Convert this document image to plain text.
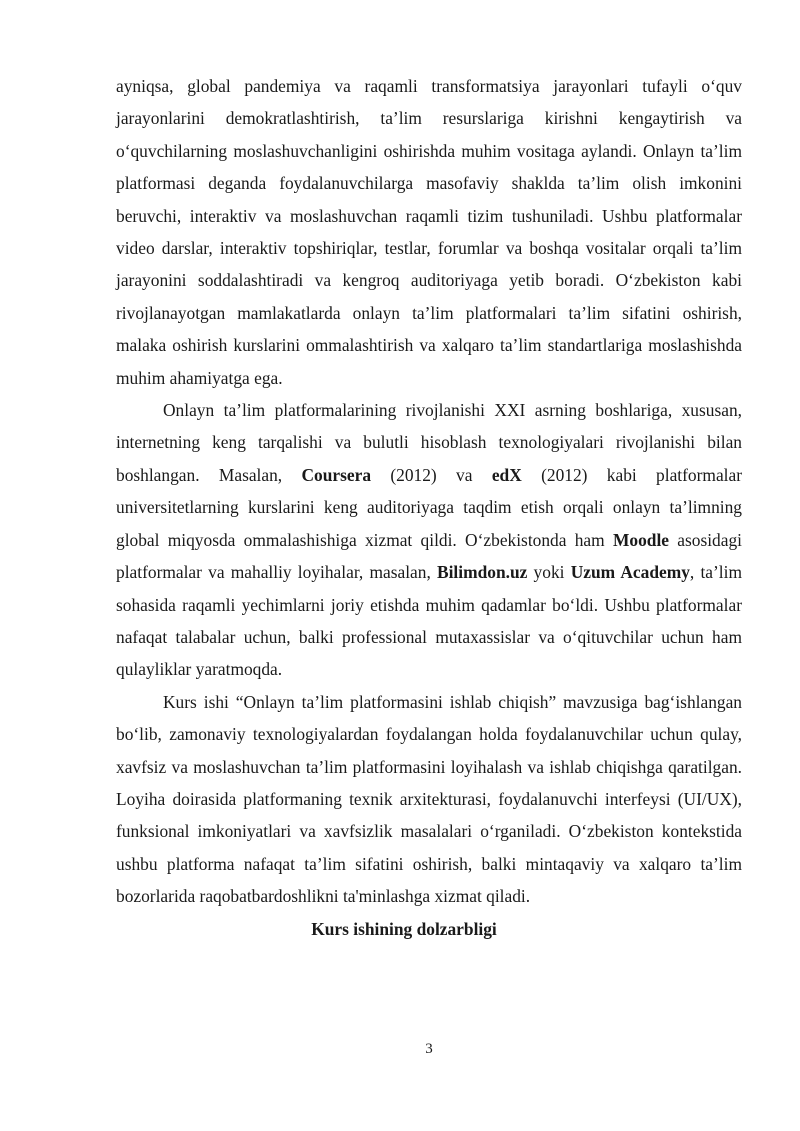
ayniqsa, global pandemiya va raqamli transformatsiya jarayonlari tufayli o‘quv jarayonlarini demokratlashtirish, ta’lim resurslariga kirishni kengaytirish va o‘quvchilarning moslashuvchanligini oshirishda muhim vositaga aylandi. Onlayn ta’lim platformasi deganda foydalanuvchilarga masofaviy shaklda ta’lim olish imkonini beruvchi, interaktiv va moslashuvchan raqamli tizim tushuniladi. Ushbu platformalar video darslar, interaktiv topshiriqlar, testlar, forumlar va boshqa vositalar orqali ta’lim jarayonini soddalashtiradi va kengroq auditoriyaga yetib boradi. O‘zbekiston kabi rivojlanayotgan mamlakatlarda onlayn ta’lim platformalari ta’lim sifatini oshirish, malaka oshirish kurslarini ommalashtirish va xalqaro ta’lim standartlariga moslashishda muhim ahamiyatga ega.

Onlayn ta’lim platformalarining rivojlanishi XXI asrning boshlariga, xususan, internetning keng tarqalishi va bulutli hisoblash texnologiyalari rivojlanishi bilan boshlangan. Masalan, Coursera (2012) va edX (2012) kabi platformalar universitetlarning kurslarini keng auditoriyaga taqdim etish orqali onlayn ta’limning global miqyosda ommalashishiga xizmat qildi. O‘zbekistonda ham Moodle asosidagi platformalar va mahalliy loyihalar, masalan, Bilimdon.uz yoki Uzum Academy, ta’lim sohasida raqamli yechimlarni joriy etishda muhim qadamlar bo‘ldi. Ushbu platformalar nafaqat talabalar uchun, balki professional mutaxassislar va o‘qituvchilar uchun ham qulayliklar yaratmoqda.

Kurs ishi “Onlayn ta’lim platformasini ishlab chiqish” mavzusiga bag‘ishlangan bo‘lib, zamonaviy texnologiyalardan foydalangan holda foydalanuvchilar uchun qulay, xavfsiz va moslashuvchan ta’lim platformasini loyihalash va ishlab chiqishga qaratilgan. Loyiha doirasida platformaning texnik arxitekturasi, foydalanuvchi interfeysi (UI/UX), funksional imkoniyatlari va xavfsizlik masalalari o‘rganiladi. O‘zbekiston kontekstida ushbu platforma nafaqat ta’lim sifatini oshirish, balki mintaqaviy va xalqaro ta’lim bozorlarida raqobatbardoshlikni ta'minlashga xizmat qiladi.

Kurs ishining dolzarbligi

3
